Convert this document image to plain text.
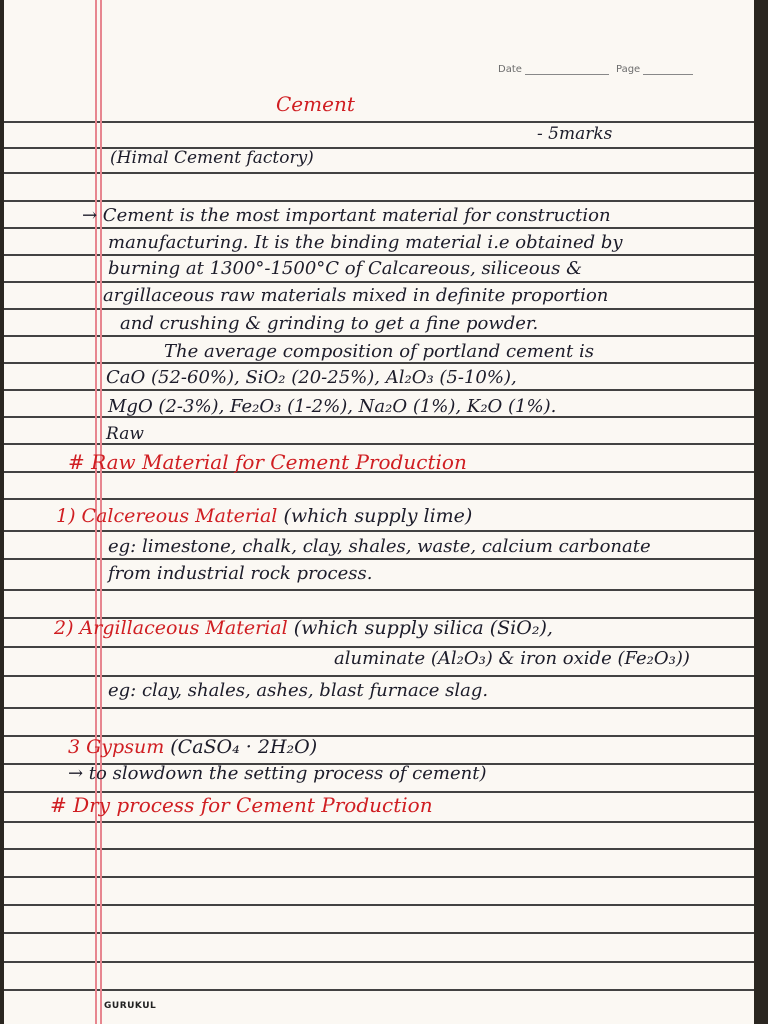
Date	Page
Cement
- 5marks
(Himal Cement factory)
→ Cement is the most important material for construction
manufacturing. It is the binding material i.e obtained by
burning at 1300°-1500°C of Calcareous, siliceous &
argillaceous raw materials mixed in definite proportion
and crushing & grinding to get a fine powder.
The average composition of portland cement is
CaO (52-60%), SiO₂ (20-25%), Al₂O₃ (5-10%),
MgO (2-3%), Fe₂O₃ (1-2%), Na₂O (1%), K₂O (1%).
Raw
# Raw Material for Cement Production
1) Calcereous Material (which supply lime)
eg: limestone, chalk, clay, shales, waste, calcium carbonate
from industrial rock process.
2) Argillaceous Material (which supply silica (SiO₂),
aluminate (Al₂O₃) & iron oxide (Fe₂O₃))
eg: clay, shales, ashes, blast furnace slag.
3 Gypsum (CaSO₄ · 2H₂O)
→ to slowdown the setting process of cement)
# Dry process for Cement Production
GURUKUL
